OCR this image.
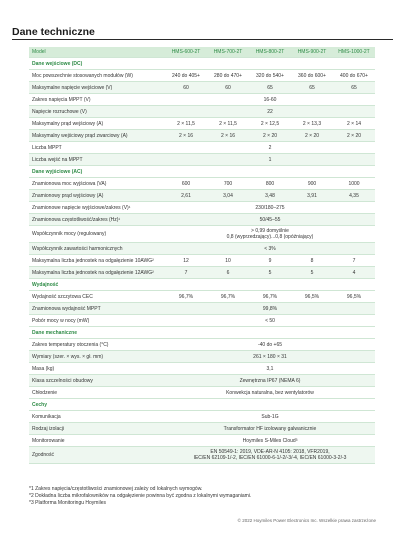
Dane techniczne
Model	HMS-600-2T	HMS-700-2T	HMS-800-2T	HMS-900-2T	HMS-1000-2T
Dane wejściowe (DC)					
Moc powszechnie stosowanych modułów (W)	240 do 405+	280 do 470+	320 do 540+	360 do 600+	400 do 670+
Maksymalne napięcie wejściowe (V)	60	60	65	65	65
Zakres napięcia MPPT (V)	16-60				

Napięcie rozruchowe (V)	22				

Maksymalny prąd wejściowy (A)	2 × 11,5	2 × 11,5	2 × 12,5	2 × 13,3	2 × 14
Maksymalny wejściowy prąd zwarciowy (A)	2 × 16	2 × 16	2 × 20	2 × 20	2 × 20
Liczba MPPT	2				

Liczba wejść na MPPT	1				

Dane wyjściowe (AC)					
Znamionowa moc wyjściowa (VA)	600	700	800	900	1000
Znamionowy prąd wyjściowy (A)	2,61	3,04	3,48	3,91	4,35
Znamionowe napięcie wyjściowe/zakres (V)¹	230/180–275				

Znamionowa częstotliwość/zakres (Hz)¹	50/45–55				

Współczynnik mocy (regulowany)	> 0,99 domyślnie
0,8 (wyprzedzający)...0,8 (opóźniający)				

Współczynnik zawartości harmonicznych	< 3%				

Maksymalna liczba jednostek na odgałęzienie 10AWG²	12	10	9	8	7
Maksymalna liczba jednostek na odgałęzienie 12AWG²	7	6	5	5	4
Wydajność					
Wydajność szczytowa CEC	96,7%	96,7%	96,7%	96,5%	96,5%
Znamionowa wydajność MPPT	99,8%				

Pobór mocy w nocy (mW)	< 50				

Dane mechaniczne					
Zakres temperatury otoczenia (°C)	-40 do +65				

Wymiary (szer. × wys. × gł. mm)	261 × 180 × 31				

Masa (kg)	3,1				

Klasa szczelności obudowy	Zewnętrzna IP67 (NEMA 6)				

Chłodzenie	Konwekcja naturalna, bez wentylatorów				

Cechy					
Komunikacja	Sub-1G				

Rodzaj izolacji	Transformator HF izolowany galwanicznie				

Monitorowanie	Hoymiles S-Miles Cloud³				

Zgodność	EN 50549-1: 2019, VDE-AR-N 4105: 2018, VFR2019,
IEC/EN 62109-1/-2, IEC/EN 61000-6-1/-2/-3/-4, IEC/EN 61000-3-2/-3				
*1 Zakres napięcia/częstotliwości znamionowej zależy od lokalnych wymogów.
*2 Dokładna liczba mikrofalowników na odgałęzienie powinna być zgodna z lokalnymi wymaganiami.
*3 Platforma Monitoringu Hoymiles
© 2022 Hoymiles Power Electronics Inc. Wszelkie prawa zastrzeżone
